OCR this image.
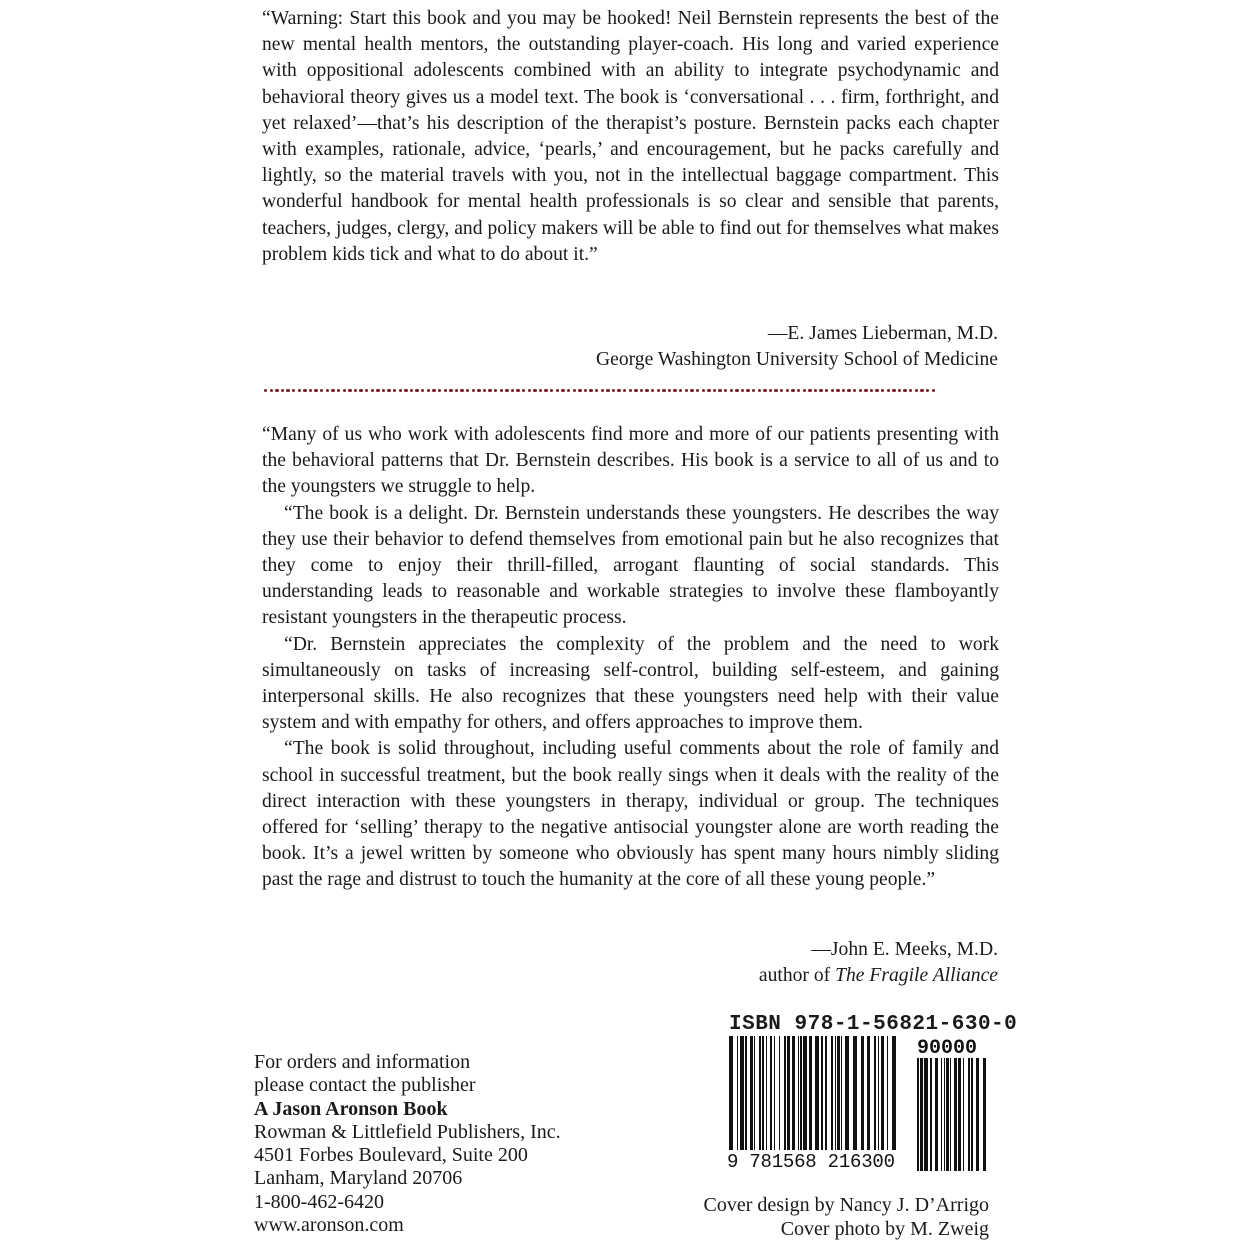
“Warning: Start this book and you may be hooked! Neil Bernstein represents the best of the new mental health mentors, the outstanding player-coach. His long and varied experience with oppositional adolescents combined with an ability to integrate psychodynamic and behavioral theory gives us a model text. The book is ‘conversational . . . firm, forthright, and yet relaxed’—that’s his description of the therapist’s posture. Bernstein packs each chapter with examples, rationale, advice, ‘pearls,’ and encouragement, but he packs carefully and lightly, so the material travels with you, not in the intellectual baggage compartment. This wonderful handbook for mental health professionals is so clear and sensible that parents, teachers, judges, clergy, and policy makers will be able to find out for themselves what makes problem kids tick and what to do about it.”

—E. James Lieberman, M.D.
George Washington University School of Medicine

“Many of us who work with adolescents find more and more of our patients presenting with the behavioral patterns that Dr. Bernstein describes. His book is a service to all of us and to the youngsters we struggle to help.

“The book is a delight. Dr. Bernstein understands these youngsters. He describes the way they use their behavior to defend themselves from emotional pain but he also recognizes that they come to enjoy their thrill-filled, arrogant flaunting of social standards. This understanding leads to reasonable and workable strategies to involve these flamboyantly resistant youngsters in the therapeutic process.

“Dr. Bernstein appreciates the complexity of the problem and the need to work simultaneously on tasks of increasing self-control, building self-esteem, and gaining interpersonal skills. He also recognizes that these youngsters need help with their value system and with empathy for others, and offers approaches to improve them.

“The book is solid throughout, including useful comments about the role of family and school in successful treatment, but the book really sings when it deals with the reality of the direct interaction with these youngsters in therapy, individual or group. The techniques offered for ‘selling’ therapy to the negative antisocial youngster alone are worth reading the book. It’s a jewel written by someone who obviously has spent many hours nimbly sliding past the rage and distrust to touch the humanity at the core of all these young people.”

—John E. Meeks, M.D.
author of The Fragile Alliance
For orders and information
please contact the publisher
A Jason Aronson Book
Rowman & Littlefield Publishers, Inc.
4501 Forbes Boulevard, Suite 200
Lanham, Maryland 20706
1-800-462-6420
www.aronson.com
ISBN 978-1-56821-630-0
90000
9 781568 216300
Cover design by Nancy J. D’Arrigo
Cover photo by M. Zweig
